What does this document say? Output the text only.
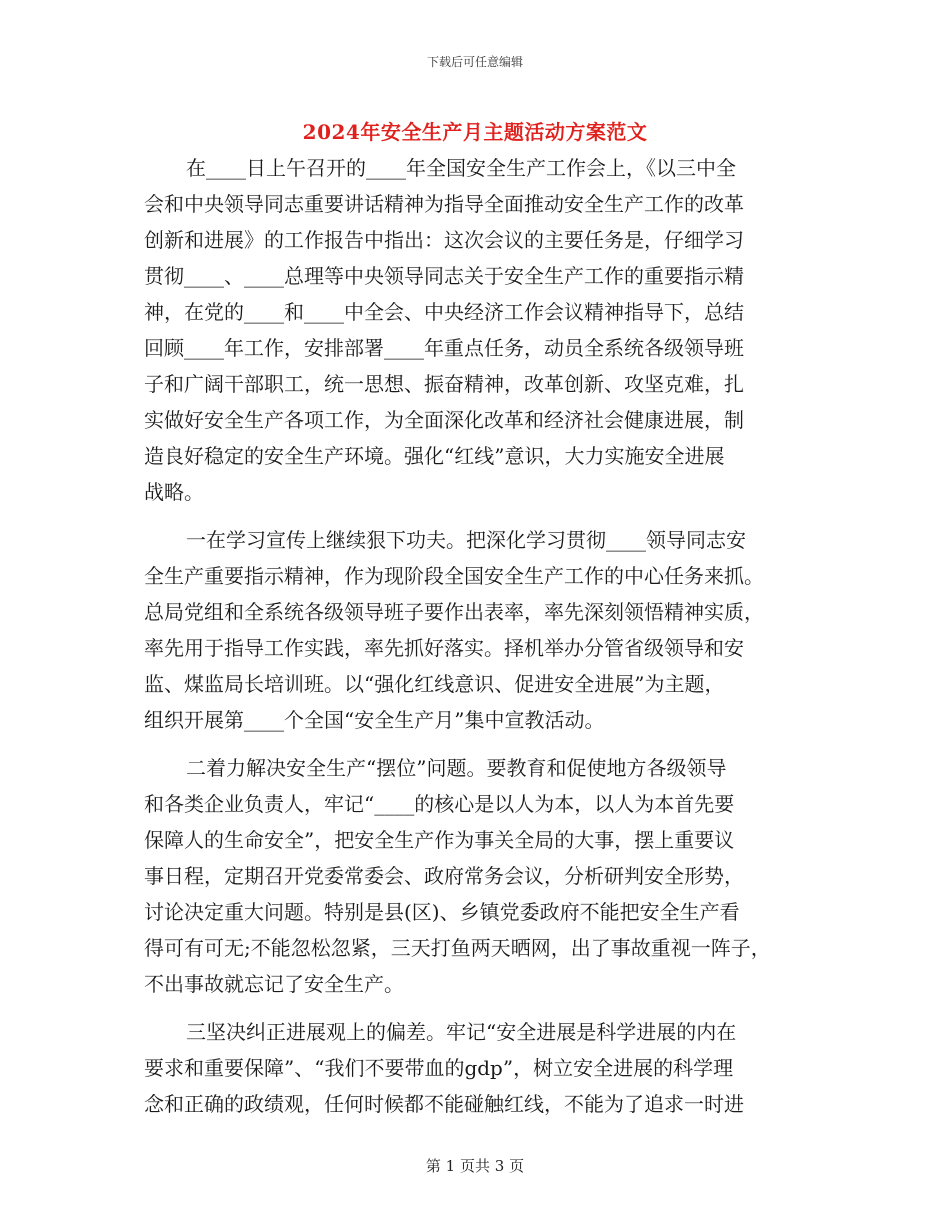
下载后可任意编辑
2024年安全生产月主题活动方案范文
在____日上午召开的____年全国安全生产工作会上，《以三中全
会和中央领导同志重要讲话精神为指导全面推动安全生产工作的改革
创新和进展》的工作报告中指出：这次会议的主要任务是，仔细学习
贯彻____、____总理等中央领导同志关于安全生产工作的重要指示精
神，在党的____和____中全会、中央经济工作会议精神指导下，总结
回顾____年工作，安排部署____年重点任务，动员全系统各级领导班
子和广阔干部职工，统一思想、振奋精神，改革创新、攻坚克难，扎
实做好安全生产各项工作，为全面深化改革和经济社会健康进展，制
造良好稳定的安全生产环境。强化“红线”意识，大力实施安全进展
战略。
一在学习宣传上继续狠下功夫。把深化学习贯彻____领导同志安
全生产重要指示精神，作为现阶段全国安全生产工作的中心任务来抓。
总局党组和全系统各级领导班子要作出表率，率先深刻领悟精神实质，
率先用于指导工作实践，率先抓好落实。择机举办分管省级领导和安
监、煤监局长培训班。以“强化红线意识、促进安全进展”为主题，
组织开展第____个全国“安全生产月”集中宣教活动。
二着力解决安全生产“摆位”问题。要教育和促使地方各级领导
和各类企业负责人，牢记“____的核心是以人为本，以人为本首先要
保障人的生命安全”，把安全生产作为事关全局的大事，摆上重要议
事日程，定期召开党委常委会、政府常务会议，分析研判安全形势，
讨论决定重大问题。特别是县(区)、乡镇党委政府不能把安全生产看
得可有可无;不能忽松忽紧，三天打鱼两天晒网，出了事故重视一阵子，
不出事故就忘记了安全生产。
三坚决纠正进展观上的偏差。牢记“安全进展是科学进展的内在
要求和重要保障”、“我们不要带血的gdp”，树立安全进展的科学理
念和正确的政绩观，任何时候都不能碰触红线，不能为了追求一时进
第 1 页共 3 页
